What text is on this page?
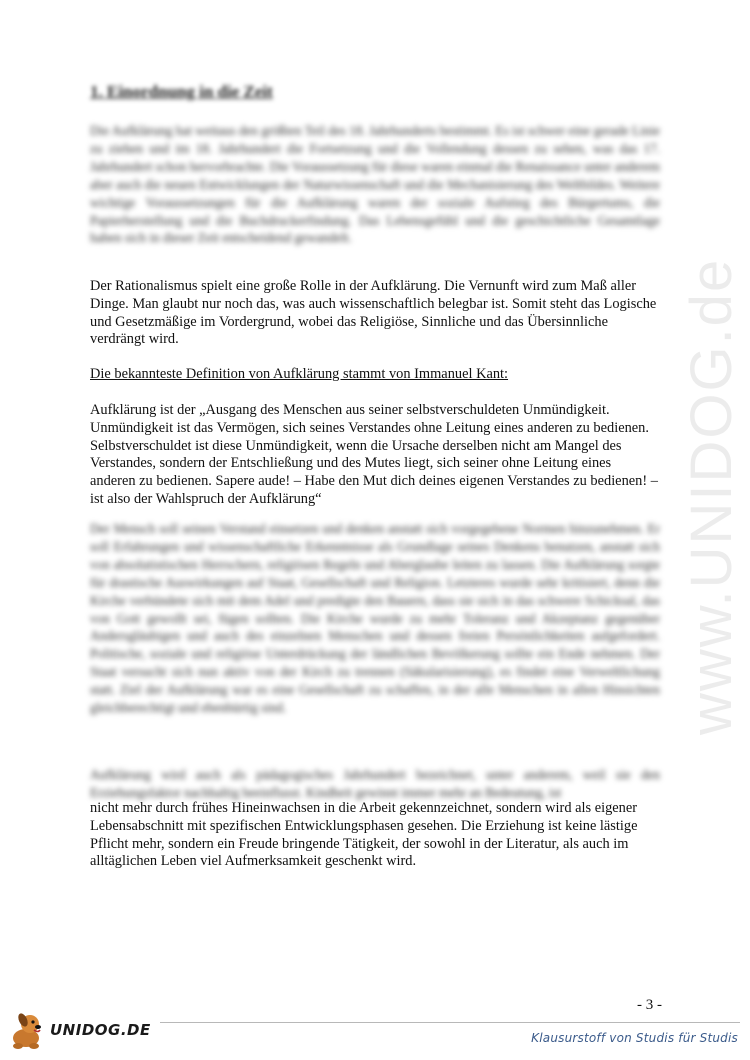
1. Einordnung in die Zeit

Die Aufklärung hat weitaus den größten Teil des 18. Jahrhunderts bestimmt. Es ist schwer eine gerade Linie zu ziehen und im 18. Jahrhundert die Fortsetzung und die Vollendung dessen zu sehen, was das 17. Jahrhundert schon hervorbrachte. Die Voraussetzung für diese waren einmal die Renaissance unter anderem aber auch die neuen Entwicklungen der Naturwissenschaft und die Mechanisierung des Weltbildes. Weitere wichtige Voraussetzungen für die Aufklärung waren der soziale Aufstieg des Bürgertums, die Papierherstellung und die Buchdruckerfindung. Das Lebensgefühl und die geschichtliche Gesamtlage haben sich in dieser Zeit entscheidend gewandelt.

Der Rationalismus spielt eine große Rolle in der Aufklärung. Die Vernunft wird zum Maß aller Dinge. Man glaubt nur noch das, was auch wissenschaftlich belegbar ist. Somit steht das Logische und Gesetzmäßige im Vordergrund, wobei das Religiöse, Sinnliche und das Übersinnliche verdrängt wird.

Die bekannteste Definition von Aufklärung stammt von Immanuel Kant:

Aufklärung ist der „Ausgang des Menschen aus seiner selbstverschuldeten Unmündigkeit. Unmündigkeit ist das Vermögen, sich seines Verstandes ohne Leitung eines anderen zu bedienen. Selbstverschuldet ist diese Unmündigkeit, wenn die Ursache derselben nicht am Mangel des Verstandes, sondern der Entschließung und des Mutes liegt, sich seiner ohne Leitung eines anderen zu bedienen. Sapere aude! – Habe den Mut dich deines eigenen Verstandes zu bedienen! – ist also der Wahlspruch der Aufklärung“

Der Mensch soll seinen Verstand einsetzen und denken anstatt sich vorgegebene Normen hinzunehmen. Er soll Erfahrungen und wissenschaftliche Erkenntnisse als Grundlage seines Denkens benutzen, anstatt sich von absolutistischen Herrschern, religiösen Regeln und Aberglaube leiten zu lassen. Die Aufklärung sorgte für drastische Auswirkungen auf Staat, Gesellschaft und Religion. Letzteres wurde sehr kritisiert, denn die Kirche verbündete sich mit dem Adel und predigte den Bauern, dass sie sich in das schwere Schicksal, das von Gott gewollt sei, fügen sollten. Die Kirche wurde zu mehr Toleranz und Akzeptanz gegenüber Andersgläubigen und auch des einzelnen Menschen und dessen freien Persönlichkeiten aufgefordert. Politische, soziale und religiöse Unterdrückung der ländlichen Bevölkerung sollte ein Ende nehmen. Der Staat versucht sich nun aktiv von der Kirch zu trennen (Säkularisierung), es findet eine Verweltlichung statt. Ziel der Aufklärung war es eine Gesellschaft zu schaffen, in der alle Menschen in allen Hinsichten gleichberechtigt und ebenbürtig sind.

Aufklärung wird auch als pädagogisches Jahrhundert bezeichnet, unter anderem, weil sie den Erziehungsfaktor nachhaltig beeinflusst. Kindheit gewinnt immer mehr an Bedeutung, ist

nicht mehr durch frühes Hineinwachsen in die Arbeit gekennzeichnet, sondern wird als eigener Lebensabschnitt mit spezifischen Entwicklungsphasen gesehen. Die Erziehung ist keine lästige Pflicht mehr, sondern ein Freude bringende Tätigkeit, der sowohl in der Literatur, als auch im alltäglichen Leben viel Aufmerksamkeit geschenkt wird.

www.UNIDOG.de
- 3 -
UNIDOG.DE	Klausurstoff von Studis für Studis
